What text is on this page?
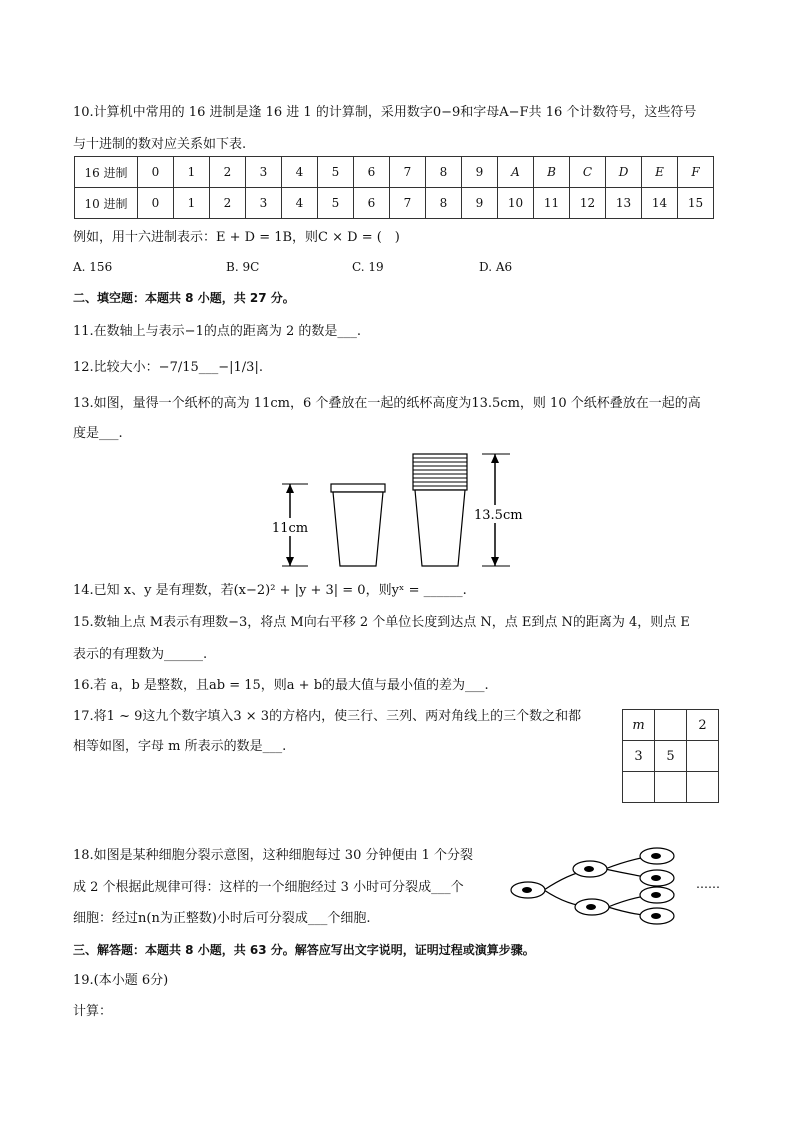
10.计算机中常用的 16 进制是逢 16 进 1 的计算制，采用数字0−9和字母A−F共 16 个计数符号，这些符号
与十进制的数对应关系如下表.
16 进制	0	1	2	3	4	5	6	7	8	9	A	B	C	D	E	F
10 进制	0	1	2	3	4	5	6	7	8	9	10	11	12	13	14	15
例如，用十六进制表示：E + D = 1B，则C × D = (　)
A. 156	B. 9C	C. 19	D. A6
二、填空题：本题共 8 小题，共 27 分。
11.在数轴上与表示−1的点的距离为 2 的数是___.
12.比较大小：−7/15___−|1/3|.
13.如图，量得一个纸杯的高为 11cm，6 个叠放在一起的纸杯高度为13.5cm，则 10 个纸杯叠放在一起的高
度是___.
11cm
13.5cm
14.已知 x、y 是有理数，若(x−2)² + |y + 3| = 0，则yˣ = ______.
15.数轴上点 M表示有理数−3，将点 M向右平移 2 个单位长度到达点 N，点 E到点 N的距离为 4，则点 E
表示的有理数为______.
16.若 a，b 是整数，且ab = 15，则a + b的最大值与最小值的差为___.
17.将1 ~ 9这九个数字填入3 × 3的方格内，使三行、三列、两对角线上的三个数之和都
相等如图，字母 m 所表示的数是___.
m		2
3	5	

18.如图是某种细胞分裂示意图，这种细胞每过 30 分钟便由 1 个分裂
成 2 个根据此规律可得：这样的一个细胞经过 3 小时可分裂成___个
细胞：经过n(n为正整数)小时后可分裂成___个细胞.
……
三、解答题：本题共 8 小题，共 63 分。解答应写出文字说明，证明过程或演算步骤。
19.(本小题 6分)
计算：
